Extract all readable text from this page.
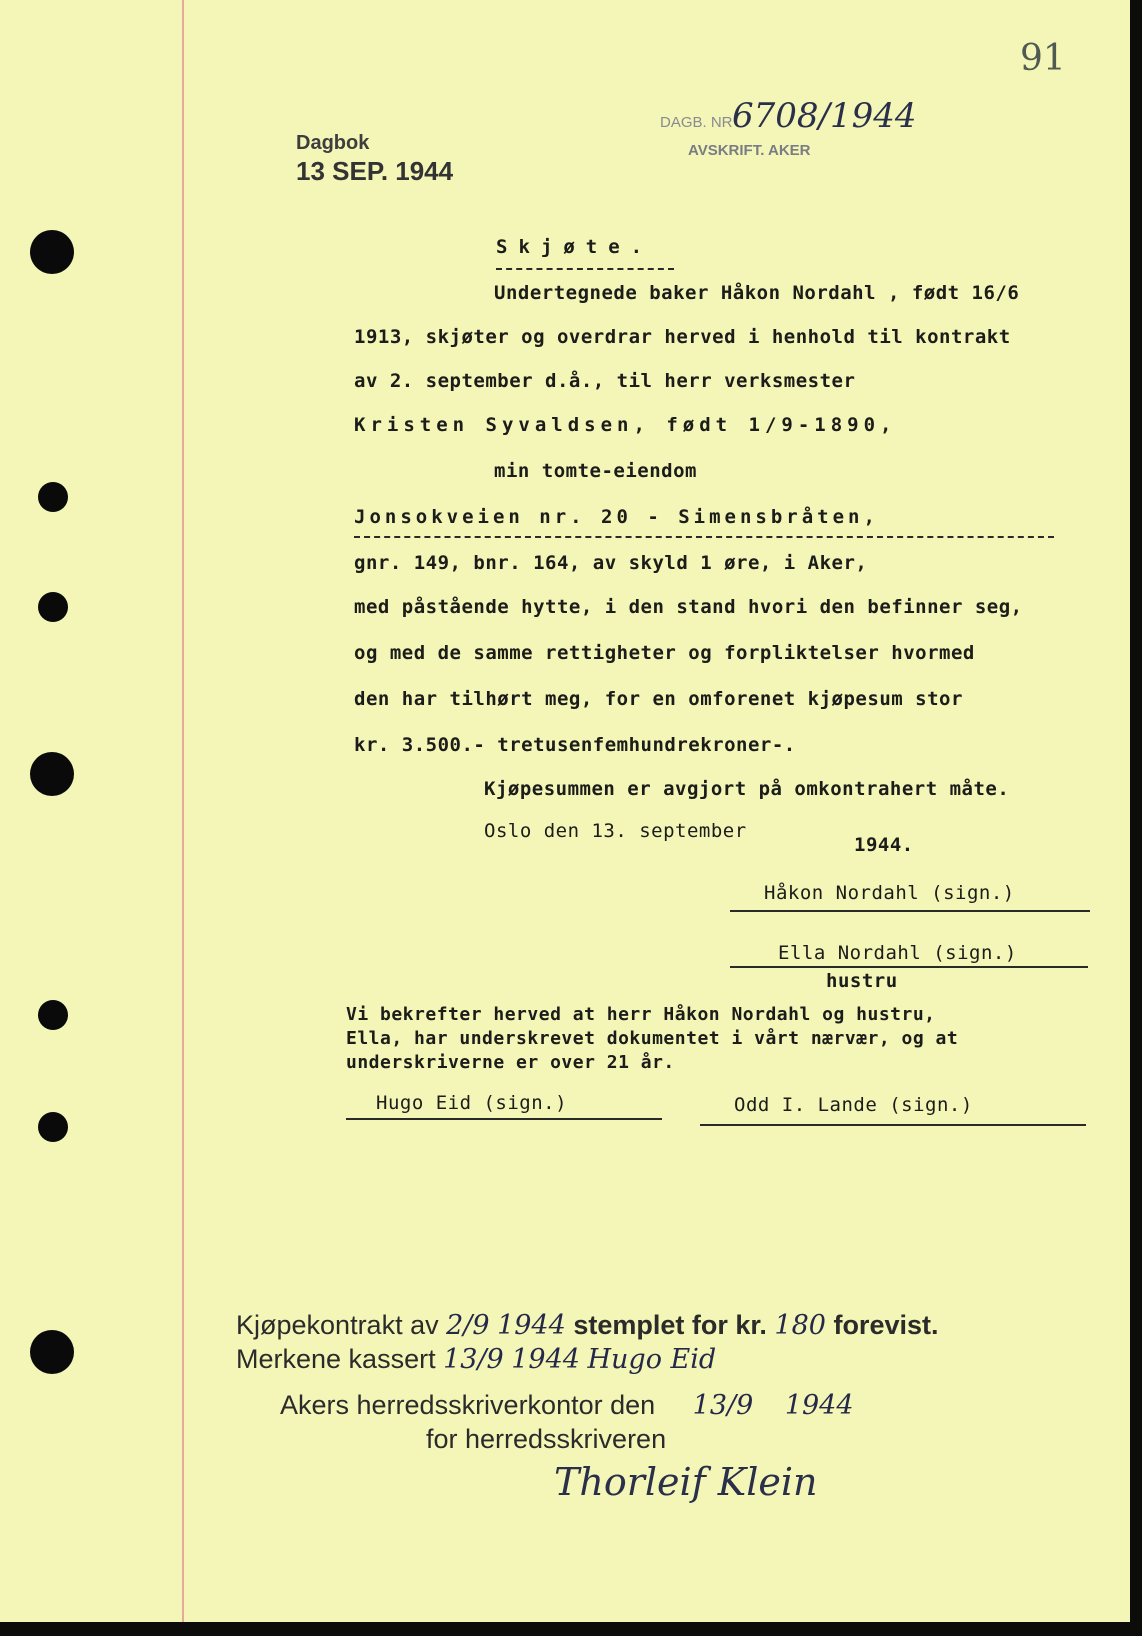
91
Dagbok
13 SEP. 1944
DAGB. NR 6708/1944
AVSKRIFT. AKER
Skjøte.
Undertegnede baker Håkon Nordahl , født 16/6
1913, skjøter og overdrar herved i henhold til kontrakt
av 2. september d.å., til herr verksmester
Kristen Syvaldsen, født 1/9-1890,
min tomte-eiendom
Jonsokveien nr. 20 - Simensbråten,
gnr. 149, bnr. 164, av skyld 1 øre, i Aker,
med påstående hytte, i den stand hvori den befinner seg,
og med de samme rettigheter og forpliktelser hvormed
den har tilhørt meg, for en omforenet kjøpesum stor
kr. 3.500.- tretusenfemhundrekroner-.
Kjøpesummen er avgjort på omkontrahert måte.
Oslo den 13. september
1944.
Håkon Nordahl (sign.)
Ella Nordahl (sign.)
hustru
Vi bekrefter herved at herr Håkon Nordahl og hustru,
Ella, har underskrevet dokumentet i vårt nærvær, og at
underskriverne er over 21 år.
Hugo Eid (sign.)	Odd I. Lande (sign.)
Kjøpekontrakt av 2/9 1944 stemplet for kr. 180 forevist.
Merkene kassert 13/9 1944 Hugo Eid
Akers herredsskriverkontor den 13/9 1944
for herredsskriveren
Thorleif Klein
